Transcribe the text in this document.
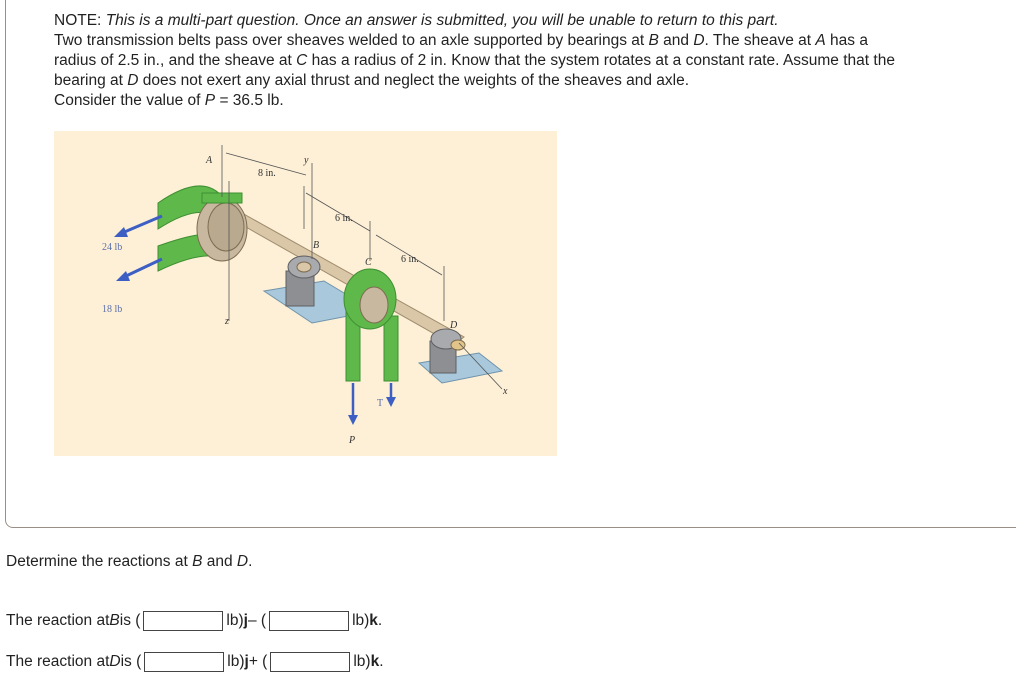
NOTE: This is a multi-part question. Once an answer is submitted, you will be unable to return to this part.

Two transmission belts pass over sheaves welded to an axle supported by bearings at B and D. The sheave at A has a

radius of 2.5 in., and the sheave at C has a radius of 2 in. Know that the system rotates at a constant rate. Assume that the

bearing at D does not exert any axial thrust and neglect the weights of the sheaves and axle.

Consider the value of P = 36.5 lb.

A
8 in.
y
6 in.
B
C	6 in.
D
x
z
24 lb
18 lb
P
T
Determine the reactions at B and D.
The reaction at B is (	lb) j – (	lb) k .
The reaction at D is (	lb) j + (	lb) k .
